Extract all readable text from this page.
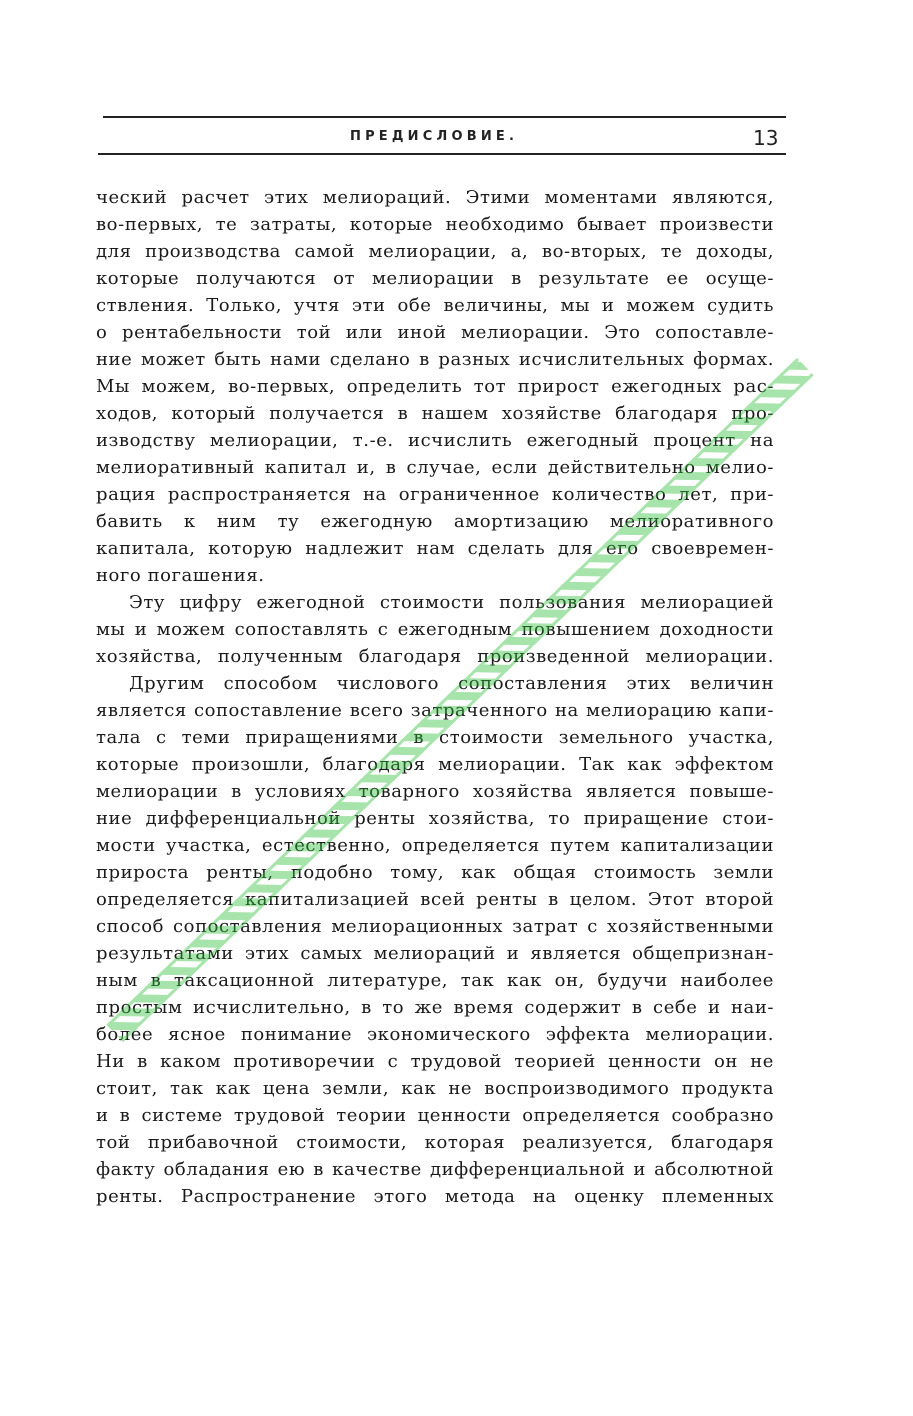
ПРЕДИСЛОВИЕ.	13
ческий расчет этих мелиораций. Этими моментами являются,
во-первых, те затраты, которые необходимо бывает произвести
для производства самой мелиорации, а, во-вторых, те доходы,
которые получаются от мелиорации в результате ее осуще-
ствления. Только, учтя эти обе величины, мы и можем судить
о рентабельности той или иной мелиорации. Это сопоставле-
ние может быть нами сделано в разных исчислительных формах.
Мы можем, во-первых, определить тот прирост ежегодных рас-
ходов, который получается в нашем хозяйстве благодаря про-
изводству мелиорации, т.-е. исчислить ежегодный процент на
мелиоративный капитал и, в случае, если действительно мелио-
рация распространяется на ограниченное количество лет, при-
бавить к ним ту ежегодную амортизацию мелиоративного
капитала, которую надлежит нам сделать для его своевремен-
ного погашения.
Эту цифру ежегодной стоимости пользования мелиорацией
мы и можем сопоставлять с ежегодным повышением доходности
хозяйства, полученным благодаря произведенной мелиорации.
Другим способом числового сопоставления этих величин
является сопоставление всего затраченного на мелиорацию капи-
тала с теми приращениями в стоимости земельного участка,
которые произошли, благодаря мелиорации. Так как эффектом
мелиорации в условиях товарного хозяйства является повыше-
ние дифференциальной ренты хозяйства, то приращение стои-
мости участка, естественно, определяется путем капитализации
прироста ренты, подобно тому, как общая стоимость земли
определяется капитализацией всей ренты в целом. Этот второй
способ сопоставления мелиорационных затрат с хозяйственными
результатами этих самых мелиораций и является общепризнан-
ным в таксационной литературе, так как он, будучи наиболее
простым исчислительно, в то же время содержит в себе и наи-
более ясное понимание экономического эффекта мелиорации.
Ни в каком противоречии с трудовой теорией ценности он не
стоит, так как цена земли, как не воспроизводимого продукта
и в системе трудовой теории ценности определяется сообразно
той прибавочной стоимости, которая реализуется, благодаря
факту обладания ею в качестве дифференциальной и абсолютной
ренты. Распространение этого метода на оценку племенных
